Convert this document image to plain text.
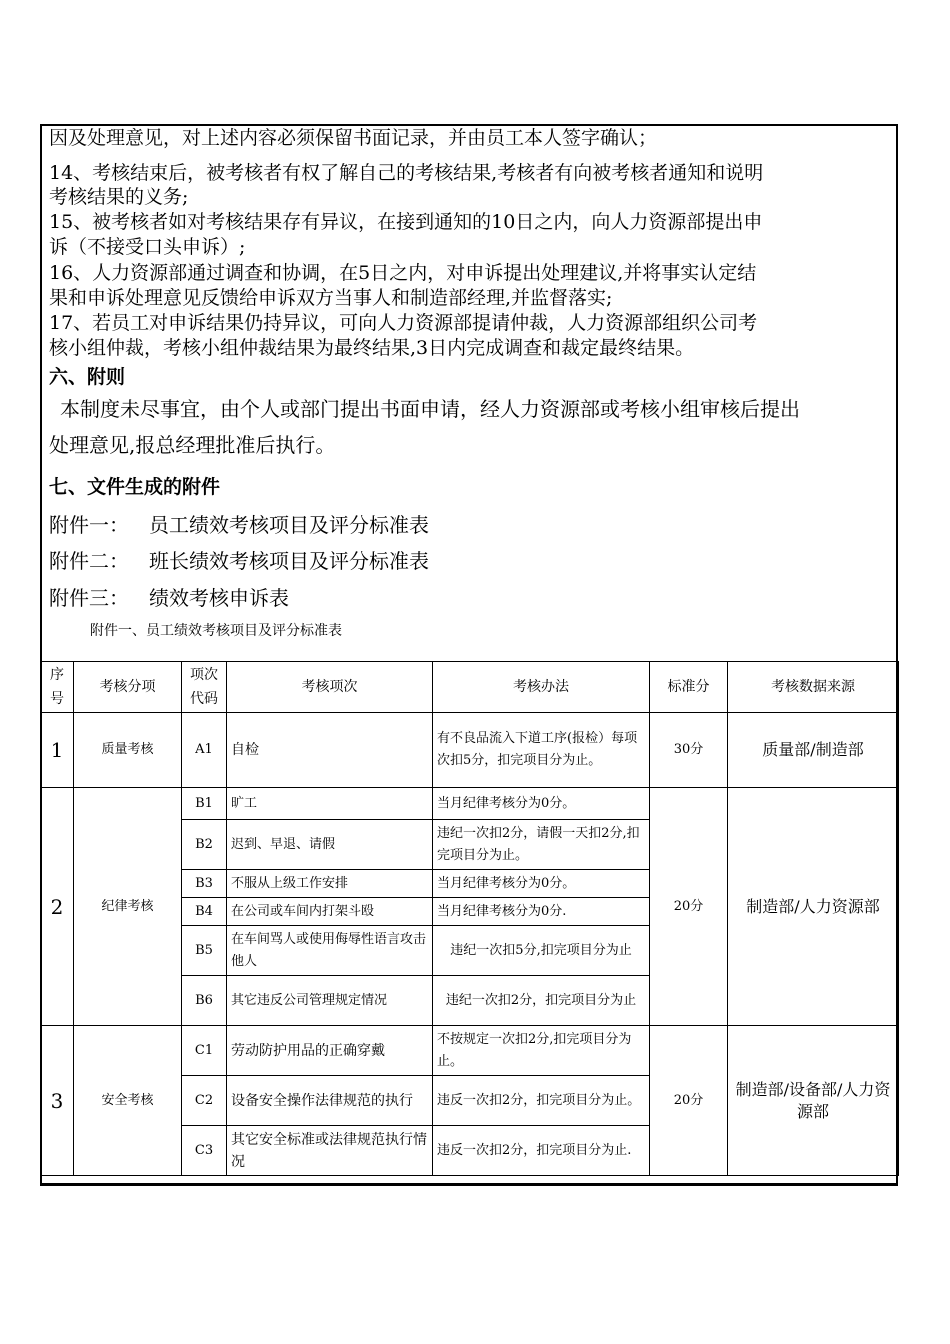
因及处理意见，对上述内容必须保留书面记录，并由员工本人签字确认；
14、考核结束后，被考核者有权了解自己的考核结果,考核者有向被考核者通知和说明
考核结果的义务;
15、被考核者如对考核结果存有异议，在接到通知的10日之内，向人力资源部提出申
诉（不接受口头申诉）;
16、人力资源部通过调查和协调，在5日之内，对申诉提出处理建议,并将事实认定结
果和申诉处理意见反馈给申诉双方当事人和制造部经理,并监督落实;
17、若员工对申诉结果仍持异议，可向人力资源部提请仲裁，人力资源部组织公司考
核小组仲裁，考核小组仲裁结果为最终结果,3日内完成调查和裁定最终结果。
六、附则
本制度未尽事宜，由个人或部门提出书面申请，经人力资源部或考核小组审核后提出
处理意见,报总经理批准后执行。
七、文件生成的附件
附件一： 员工绩效考核项目及评分标准表
附件二： 班长绩效考核项目及评分标准表
附件三： 绩效考核申诉表
附件一、员工绩效考核项目及评分标准表
序号	考核分项	项次代码	考核项次	考核办法	标准分	考核数据来源
1	质量考核	A1	自检	有不良品流入下道工序(报检）每项次扣5分，扣完项目分为止。	30分	质量部/制造部
2	纪律考核	B1	旷工	当月纪律考核分为0分。	20分	制造部/人力资源部
		B2	迟到、早退、请假	违纪一次扣2分，请假一天扣2分,扣完项目分为止。		
		B3	不服从上级工作安排	当月纪律考核分为0分。		
		B4	在公司或车间内打架斗殴	当月纪律考核分为0分.		
		B5	在车间骂人或使用侮辱性语言攻击他人	违纪一次扣5分,扣完项目分为止		
		B6	其它违反公司管理规定情况	违纪一次扣2分，扣完项目分为止		
3	安全考核	C1	劳动防护用品的正确穿戴	不按规定一次扣2分,扣完项目分为止。	20分	制造部/设备部/人力资源部
		C2	设备安全操作法律规范的执行	违反一次扣2分，扣完项目分为止。		
		C3	其它安全标准或法律规范执行情况	违反一次扣2分，扣完项目分为止.		
